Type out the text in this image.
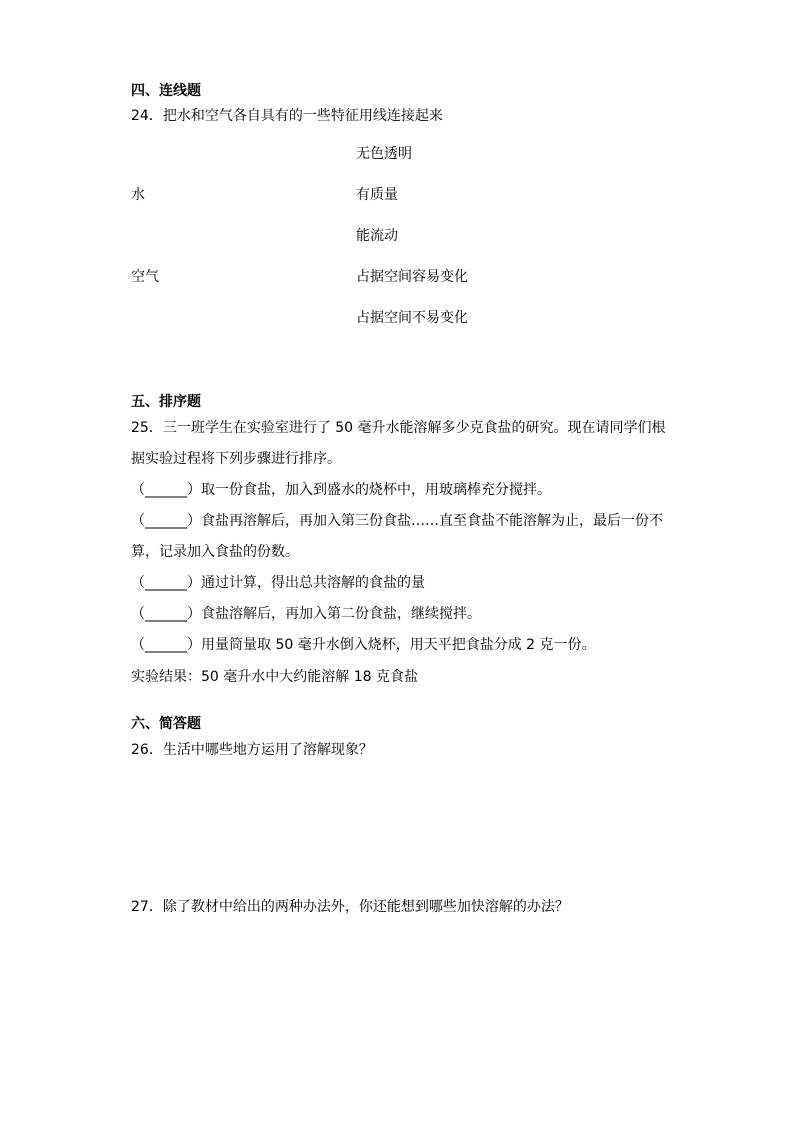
四、连线题
24．把水和空气各自具有的一些特征用线连接起来
无色透明
水	有质量
能流动
空气	占据空间容易变化
占据空间不易变化
五、排序题
25．三一班学生在实验室进行了 50 毫升水能溶解多少克食盐的研究。现在请同学们根
据实验过程将下列步骤进行排序。
（______）取一份食盐，加入到盛水的烧杯中，用玻璃棒充分搅拌。
（______）食盐再溶解后，再加入第三份食盐……直至食盐不能溶解为止，最后一份不
算，记录加入食盐的份数。
（______）通过计算，得出总共溶解的食盐的量
（______）食盐溶解后，再加入第二份食盐，继续搅拌。
（______）用量筒量取 50 毫升水倒入烧杯，用天平把食盐分成 2 克一份。
实验结果：50 毫升水中大约能溶解 18 克食盐
六、简答题
26．生活中哪些地方运用了溶解现象？
27．除了教材中给出的两种办法外，你还能想到哪些加快溶解的办法？
